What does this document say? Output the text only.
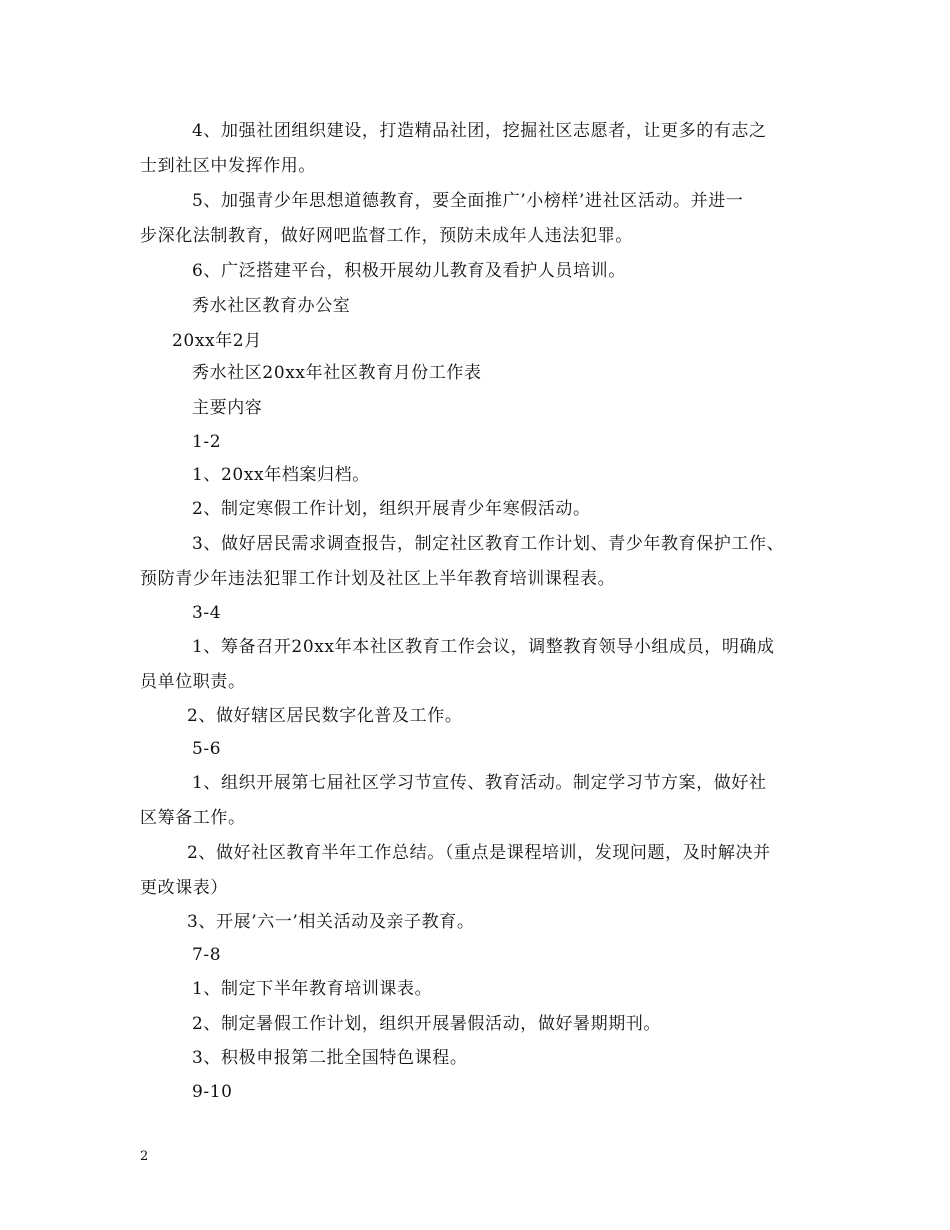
4、加强社团组织建设，打造精品社团，挖掘社区志愿者，让更多的有志之
士到社区中发挥作用。
5、加强青少年思想道德教育，要全面推广’小榜样’进社区活动。并进一
步深化法制教育，做好网吧监督工作，预防未成年人违法犯罪。
6、广泛搭建平台，积极开展幼儿教育及看护人员培训。
秀水社区教育办公室
20xx年2月
秀水社区20xx年社区教育月份工作表
主要内容
1-2
1、20xx年档案归档。
2、制定寒假工作计划，组织开展青少年寒假活动。
3、做好居民需求调查报告，制定社区教育工作计划、青少年教育保护工作、
预防青少年违法犯罪工作计划及社区上半年教育培训课程表。
3-4
1、筹备召开20xx年本社区教育工作会议，调整教育领导小组成员，明确成
员单位职责。
2、做好辖区居民数字化普及工作。
5-6
1、组织开展第七届社区学习节宣传、教育活动。制定学习节方案，做好社
区筹备工作。
2、做好社区教育半年工作总结。（重点是课程培训，发现问题，及时解决并
更改课表）
3、开展’六一’相关活动及亲子教育。
7-8
1、制定下半年教育培训课表。
2、制定暑假工作计划，组织开展暑假活动，做好暑期期刊。
3、积极申报第二批全国特色课程。
9-10
2
